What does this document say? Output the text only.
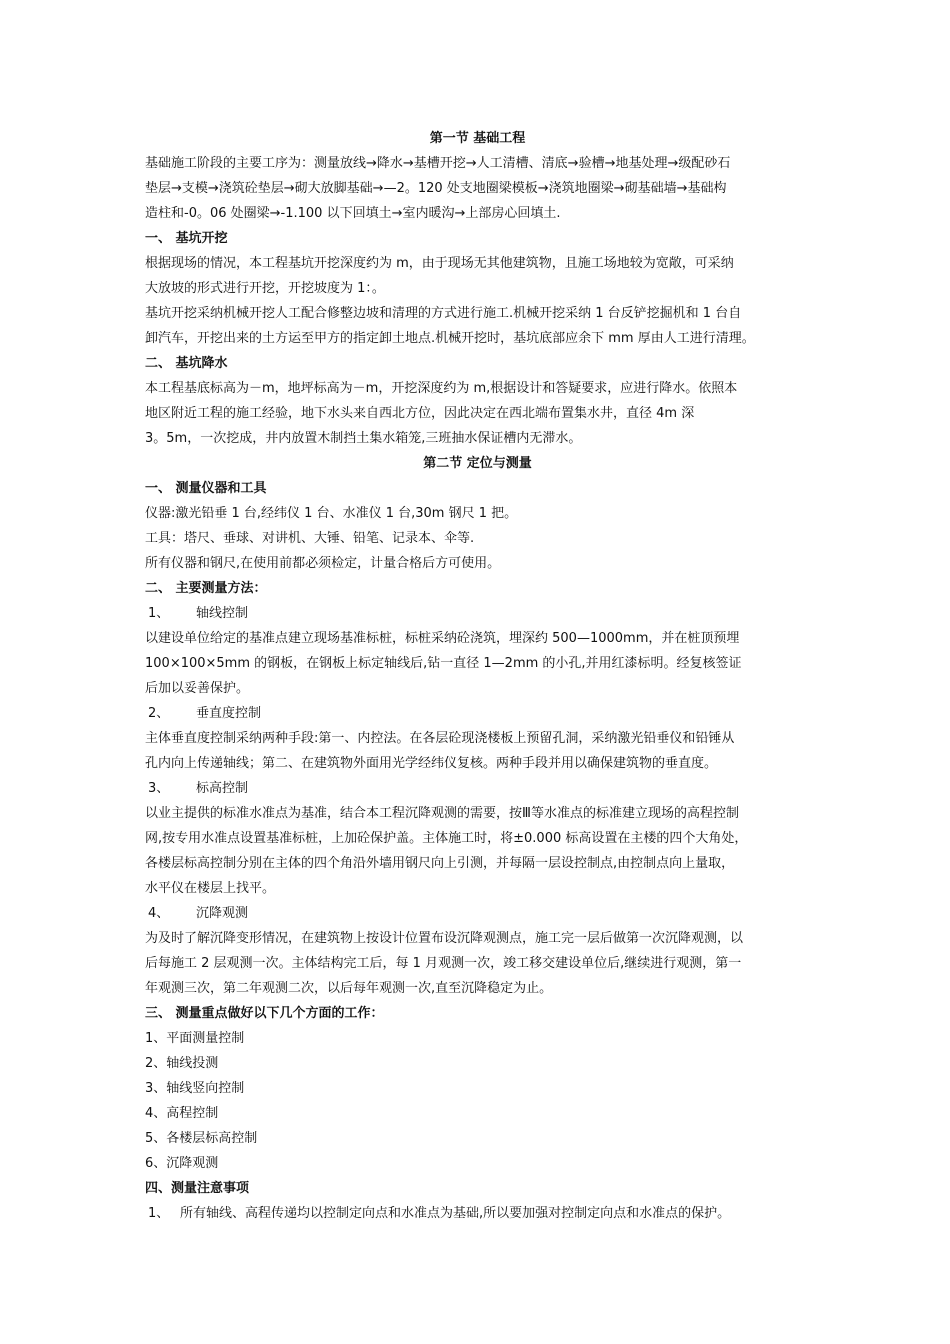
第一节 基础工程
基础施工阶段的主要工序为：测量放线→降水→基槽开挖→人工清槽、清底→验槽→地基处理→级配砂石
垫层→支模→浇筑砼垫层→砌大放脚基础→—2。120 处支地圈梁模板→浇筑地圈梁→砌基础墙→基础构
造柱和-0。06 处圈梁→-1.100 以下回填土→室内暖沟→上部房心回填土.
一、 基坑开挖
根据现场的情况，本工程基坑开挖深度约为 m，由于现场无其他建筑物，且施工场地较为宽敞，可采纳
大放坡的形式进行开挖，开挖坡度为 1：。
基坑开挖采纳机械开挖人工配合修整边坡和清理的方式进行施工.机械开挖采纳 1 台反铲挖掘机和 1 台自
卸汽车，开挖出来的土方运至甲方的指定卸土地点.机械开挖时，基坑底部应余下 mm 厚由人工进行清理。
二、 基坑降水
本工程基底标高为－m，地坪标高为－m，开挖深度约为 m,根据设计和答疑要求，应进行降水。依照本
地区附近工程的施工经验，地下水头来自西北方位，因此决定在西北端布置集水井，直径 4m 深
3。5m，一次挖成，井内放置木制挡土集水箱笼,三班抽水保证槽内无滞水。
第二节 定位与测量
一、 测量仪器和工具
仪器:激光铅垂 1 台,经纬仪 1 台、水准仪 1 台,30m 钢尺 1 把。
工具：塔尺、垂球、对讲机、大锤、铅笔、记录本、伞等.
所有仪器和钢尺,在使用前都必须检定，计量合格后方可使用。
二、 主要测量方法：
1、 轴线控制
以建设单位给定的基准点建立现场基准标桩，标桩采纳砼浇筑，埋深约 500—1000mm，并在桩顶预埋
100×100×5mm 的钢板，在钢板上标定轴线后,钻一直径 1—2mm 的小孔,并用红漆标明。经复核签证
后加以妥善保护。
2、 垂直度控制
主体垂直度控制采纳两种手段:第一、内控法。在各层砼现浇楼板上预留孔洞，采纳激光铅垂仪和铅锤从
孔内向上传递轴线；第二、在建筑物外面用光学经纬仪复核。两种手段并用以确保建筑物的垂直度。
3、 标高控制
以业主提供的标准水准点为基准，结合本工程沉降观测的需要，按Ⅲ等水准点的标准建立现场的高程控制
网,按专用水准点设置基准标桩，上加砼保护盖。主体施工时，将±0.000 标高设置在主楼的四个大角处，
各楼层标高控制分别在主体的四个角沿外墙用钢尺向上引测，并每隔一层设控制点,由控制点向上量取，
水平仪在楼层上找平。
4、 沉降观测
为及时了解沉降变形情况，在建筑物上按设计位置布设沉降观测点，施工完一层后做第一次沉降观测，以
后每施工 2 层观测一次。主体结构完工后，每 1 月观测一次，竣工移交建设单位后,继续进行观测，第一
年观测三次，第二年观测二次，以后每年观测一次,直至沉降稳定为止。
三、 测量重点做好以下几个方面的工作：
1、平面测量控制
2、轴线投测
3、轴线竖向控制
4、高程控制
5、各楼层标高控制
6、沉降观测
四、测量注意事项
1、 所有轴线、高程传递均以控制定向点和水准点为基础,所以要加强对控制定向点和水准点的保护。
